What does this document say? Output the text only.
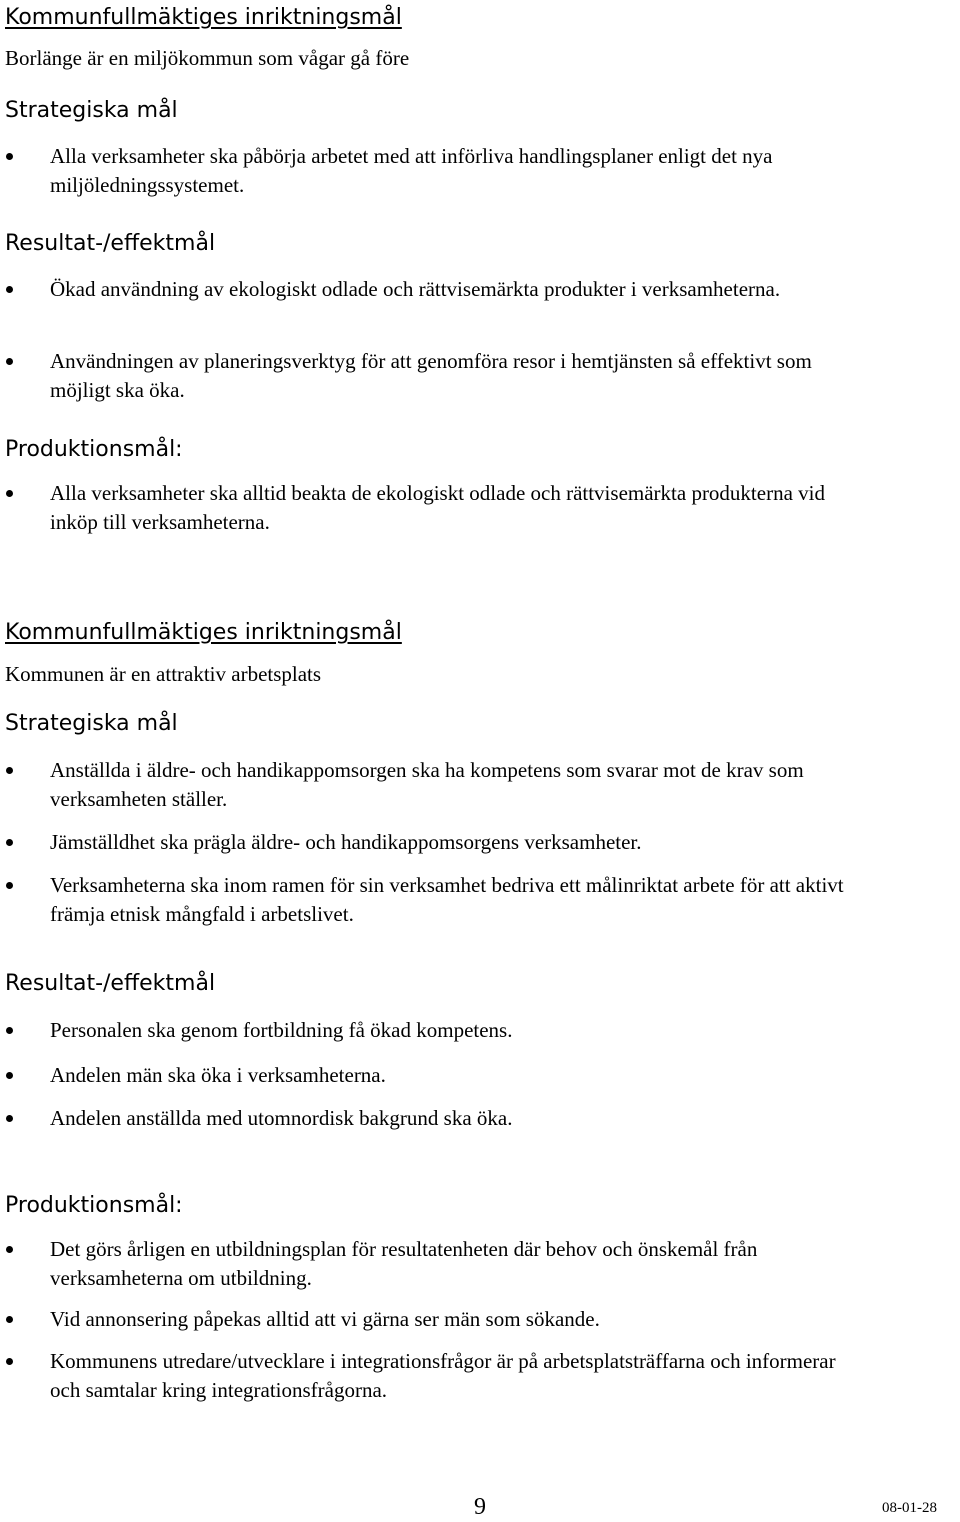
Kommunfullmäktiges inriktningsmål
Borlänge är en miljökommun som vågar gå före
Strategiska mål
Alla verksamheter ska påbörja arbetet med att införliva handlingsplaner enligt det nya miljöledningssystemet.
Resultat-/effektmål
Ökad användning av ekologiskt odlade och rättvisemärkta produkter i verksamheterna.
Användningen av planeringsverktyg för att genomföra resor i hemtjänsten så effektivt som möjligt ska öka.
Produktionsmål:
Alla verksamheter ska alltid beakta de ekologiskt odlade och rättvisemärkta produkterna vid inköp till verksamheterna.
Kommunfullmäktiges inriktningsmål
Kommunen är en attraktiv arbetsplats
Strategiska mål
Anställda i äldre- och handikappomsorgen ska ha kompetens som svarar mot de krav som verksamheten ställer.
Jämställdhet ska prägla äldre- och handikappomsorgens verksamheter.
Verksamheterna ska inom ramen för sin verksamhet bedriva ett målinriktat arbete för att aktivt främja etnisk mångfald i arbetslivet.
Resultat-/effektmål
Personalen ska genom fortbildning få ökad kompetens.
Andelen män ska öka i verksamheterna.
Andelen anställda med utomnordisk bakgrund ska öka.
Produktionsmål:
Det görs årligen en utbildningsplan för resultatenheten där behov och önskemål från verksamheterna om utbildning.
Vid annonsering påpekas alltid att vi gärna ser män som sökande.
Kommunens utredare/utvecklare i integrationsfrågor är på arbetsplatsträffarna och informerar och samtalar kring integrationsfrågorna.
9	08-01-28
